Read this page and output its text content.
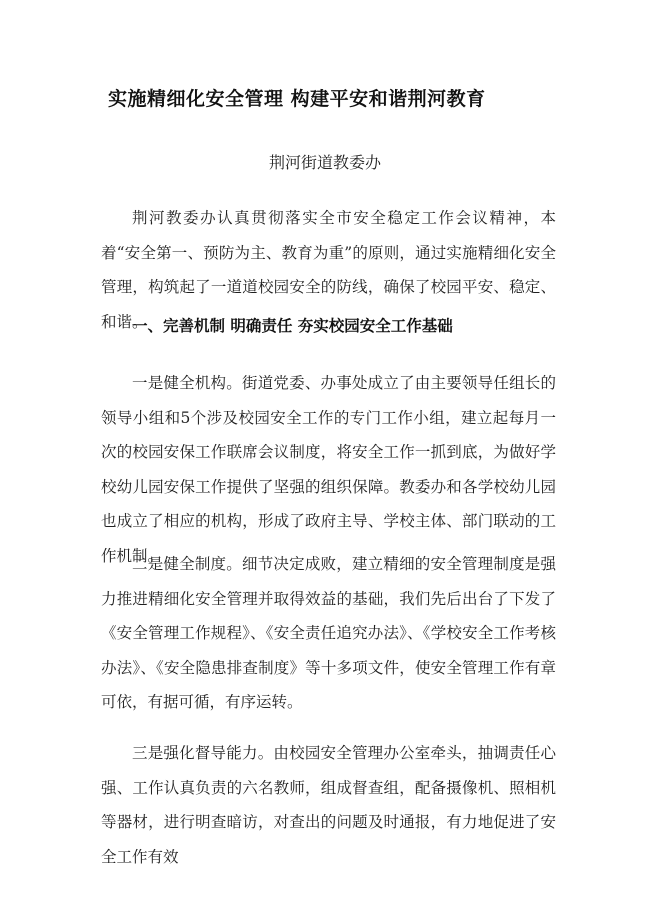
实施精细化安全管理 构建平安和谐荆河教育
荆河街道教委办

荆河教委办认真贯彻落实全市安全稳定工作会议精神，本着“安全第一、预防为主、教育为重”的原则，通过实施精细化安全管理，构筑起了一道道校园安全的防线，确保了校园平安、稳定、和谐。

一、完善机制 明确责任 夯实校园安全工作基础

一是健全机构。街道党委、办事处成立了由主要领导任组长的领导小组和5个涉及校园安全工作的专门工作小组，建立起每月一次的校园安保工作联席会议制度，将安全工作一抓到底，为做好学校幼儿园安保工作提供了坚强的组织保障。教委办和各学校幼儿园也成立了相应的机构，形成了政府主导、学校主体、部门联动的工作机制。

二是健全制度。细节决定成败，建立精细的安全管理制度是强力推进精细化安全管理并取得效益的基础，我们先后出台了下发了《安全管理工作规程》、《安全责任追究办法》、《学校安全工作考核办法》、《安全隐患排查制度》等十多项文件，使安全管理工作有章可依，有据可循，有序运转。

三是强化督导能力。由校园安全管理办公室牵头，抽调责任心强、工作认真负责的六名教师，组成督查组，配备摄像机、照相机等器材，进行明查暗访，对查出的问题及时通报，有力地促进了安全工作有效
